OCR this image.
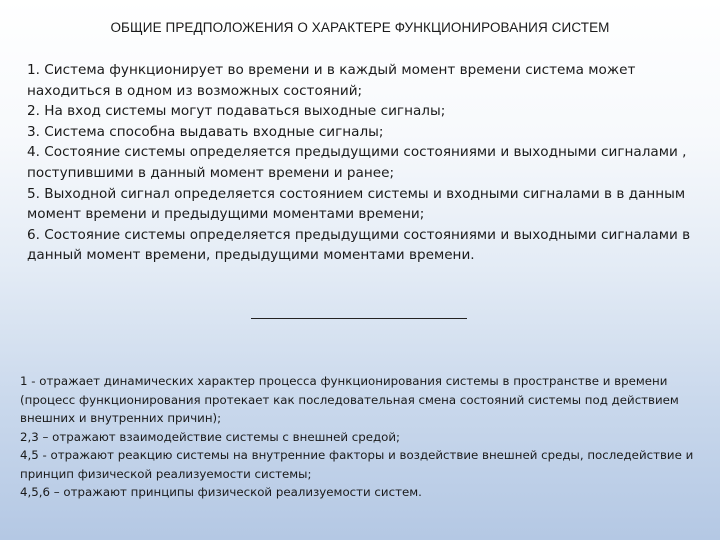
ОБЩИЕ ПРЕДПОЛОЖЕНИЯ О ХАРАКТЕРЕ ФУНКЦИОНИРОВАНИЯ СИСТЕМ
1. Система функционирует во времени и в каждый момент времени система может находиться в одном из возможных состояний;
2. На вход системы могут подаваться выходные сигналы;
3. Система способна выдавать входные сигналы;
4. Состояние системы определяется предыдущими состояниями и выходными сигналами , поступившими в данный момент времени и ранее;
5. Выходной сигнал определяется состоянием системы и входными сигналами в в данным момент времени и предыдущими моментами времени;
6. Состояние системы определяется предыдущими состояниями и выходными сигналами в данный момент времени, предыдущими моментами времени.
1 - отражает динамических характер процесса функционирования системы в пространстве и времени (процесс функционирования протекает как последовательная смена состояний системы под действием внешних и внутренних причин);
2,3 – отражают взаимодействие системы с внешней средой;
4,5 - отражают реакцию системы на внутренние факторы и воздействие внешней среды, последействие и принцип физической реализуемости системы;
4,5,6 – отражают принципы физической реализуемости систем.
